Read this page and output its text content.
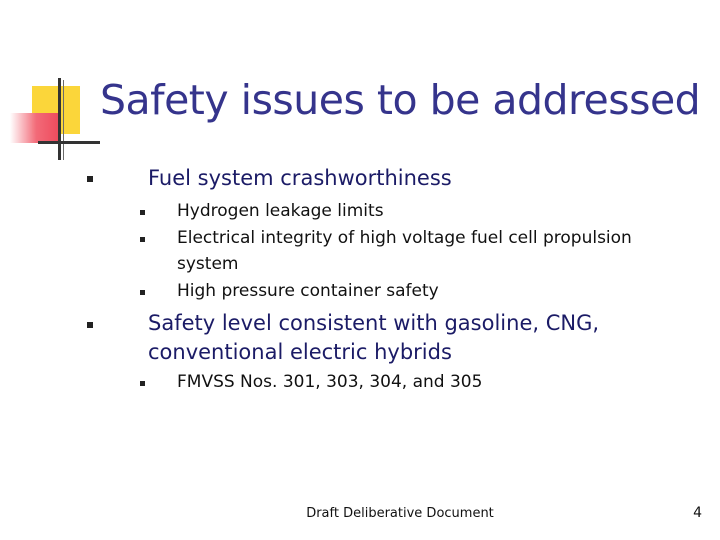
Safety issues to be addressed
Fuel system crashworthiness
Hydrogen leakage limits
Electrical integrity of high voltage fuel cell propulsion system
High pressure container safety
Safety level consistent with gasoline, CNG, conventional electric hybrids
FMVSS Nos. 301, 303, 304, and 305
Draft Deliberative Document	4
